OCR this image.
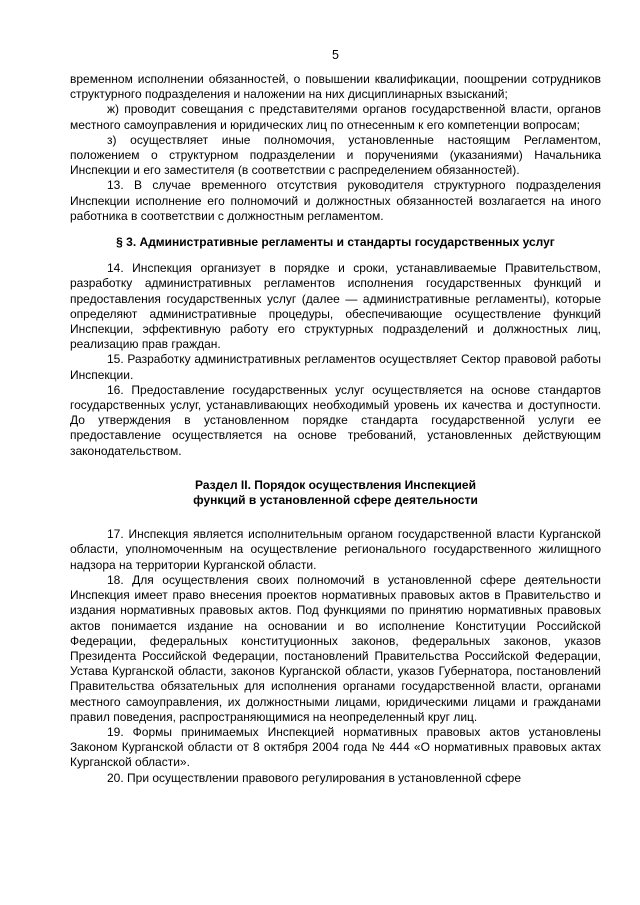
5

временном исполнении обязанностей, о повышении квалификации, поощрении сотрудников структурного подразделения и наложении на них дисциплинарных взысканий;

ж) проводит совещания с представителями органов государственной власти, органов местного самоуправления и юридических лиц по отнесенным к его компетенции вопросам;

з) осуществляет иные полномочия, установленные настоящим Регламентом, положением о структурном подразделении и поручениями (указаниями) Начальника Инспекции и его заместителя (в соответствии с распределением обязанностей).

13. В случае временного отсутствия руководителя структурного подразделения Инспекции исполнение его полномочий и должностных обязанностей возлагается на иного работника в соответствии с должностным регламентом.

§ 3. Административные регламенты и стандарты государственных услуг

14. Инспекция организует в порядке и сроки, устанавливаемые Правительством, разработку административных регламентов исполнения государственных функций и предоставления государственных услуг (далее — административные регламенты), которые определяют административные процедуры, обеспечивающие осуществление функций Инспекции, эффективную работу его структурных подразделений и должностных лиц, реализацию прав граждан.

15. Разработку административных регламентов осуществляет Сектор правовой работы Инспекции.

16. Предоставление государственных услуг осуществляется на основе стандартов государственных услуг, устанавливающих необходимый уровень их качества и доступности. До утверждения в установленном порядке стандарта государственной услуги ее предоставление осуществляется на основе требований, установленных действующим законодательством.

Раздел II. Порядок осуществления Инспекцией

функций в установленной сфере деятельности

17. Инспекция является исполнительным органом государственной власти Курганской области, уполномоченным на осуществление регионального государственного жилищного надзора на территории Курганской области.

18. Для осуществления своих полномочий в установленной сфере деятельности Инспекция имеет право внесения проектов нормативных правовых актов в Правительство и издания нормативных правовых актов. Под функциями по принятию нормативных правовых актов понимается издание на основании и во исполнение Конституции Российской Федерации, федеральных конституционных законов, федеральных законов, указов Президента Российской Федерации, постановлений Правительства Российской Федерации, Устава Курганской области, законов Курганской области, указов Губернатора, постановлений Правительства обязательных для исполнения органами государственной власти, органами местного самоуправления, их должностными лицами, юридическими лицами и гражданами правил поведения, распространяющимися на неопределенный круг лиц.

19. Формы принимаемых Инспекцией нормативных правовых актов установлены Законом Курганской области от 8 октября 2004 года № 444 «О нормативных правовых актах Курганской области».

20. При осуществлении правового регулирования в установленной сфере
